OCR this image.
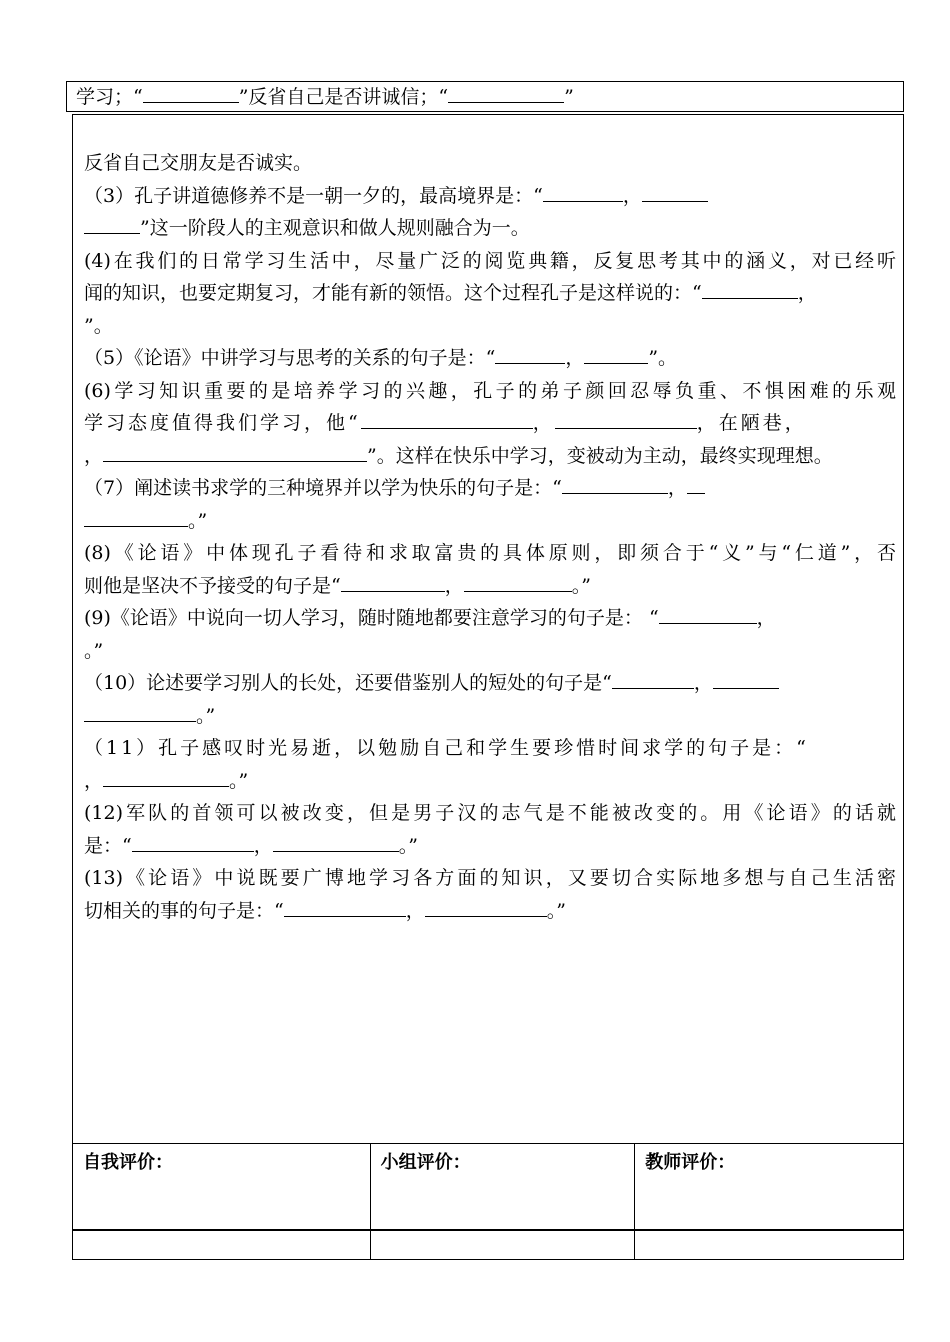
学习；“	”反省自己是否讲诚信；“	”

反省自己交朋友是否诚实。

（3）孔子讲道德修养不是一朝一夕的，最高境界是：“	，

”这一阶段人的主观意识和做人规则融合为一。

(4)在我们的日常学习生活中，尽量广泛的阅览典籍，反复思考其中的涵义，对已经听

闻的知识，也要定期复习，才能有新的领悟。这个过程孔子是这样说的：“	，

”。

（5）《论语》中讲学习与思考的关系的句子是：“	，	”。

(6)学习知识重要的是培养学习的兴趣，孔子的弟子颜回忍辱负重、不惧困难的乐观

学习态度值得我们学习，他“	，	，在陋巷，

，	”。这样在快乐中学习，变被动为主动，最终实现理想。

（7）阐述读书求学的三种境界并以学为快乐的句子是：“	，

。”

(8)《论语》中体现孔子看待和求取富贵的具体原则，即须合于“义”与“仁道”，否

则他是坚决不予接受的句子是“	，	。”

(9)《论语》中说向一切人学习，随时随地都要注意学习的句子是： “	，

。”

（10）论述要学习别人的长处，还要借鉴别人的短处的句子是“	，

。”

（11）孔子感叹时光易逝，以勉励自己和学生要珍惜时间求学的句子是：“

，	。”

(12)军队的首领可以被改变，但是男子汉的志气是不能被改变的。用《论语》的话就

是：“	，	。”

(13)《论语》中说既要广博地学习各方面的知识，又要切合实际地多想与自己生活密

切相关的事的句子是：“	，	。”

自我评价：	小组评价：	教师评价：
